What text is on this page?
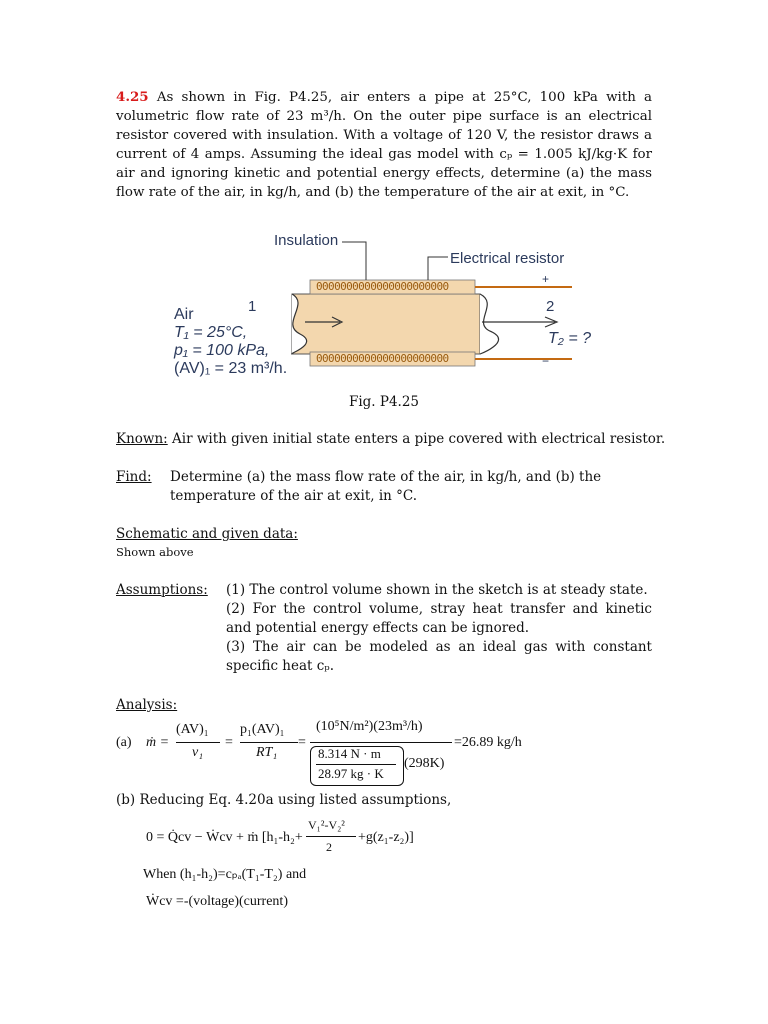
4.25 As shown in Fig. P4.25, air enters a pipe at 25°C, 100 kPa with a volumetric flow rate of 23 m³/h. On the outer pipe surface is an electrical resistor covered with insulation. With a voltage of 120 V, the resistor draws a current of 4 amps. Assuming the ideal gas model with cₚ = 1.005 kJ/kg·K for air and ignoring kinetic and potential energy effects, determine (a) the mass flow rate of the air, in kg/h, and (b) the temperature of the air at exit, in °C.
0000000000000000000000
0000000000000000000000
Insulation
Electrical resistor
+
−
1	2
Air
T₁ = 25°C,
p₁ = 100 kPa,
(AV)₁ = 23 m³/h.
T₂ = ?
Fig. P4.25
Known: Air with given initial state enters a pipe covered with electrical resistor.
Find: Determine (a) the mass flow rate of the air, in kg/h, and (b) the temperature of the air at exit, in °C.
Schematic and given data:
Shown above
Assumptions: (1) The control volume shown in the sketch is at steady state.
(2) For the control volume, stray heat transfer and kinetic and potential energy effects can be ignored.
(3) The air can be modeled as an ideal gas with constant specific heat cₚ.
Analysis:
(a) ṁ =
(AV)₁
v₁
=
p₁(AV)₁
RT₁
=
(10⁵N/m²)(23m³/h)
8.314 N · m
28.97 kg · K
(298K)
=26.89 kg/h
(b) Reducing Eq. 4.20a using listed assumptions,
0 = Q̇cv − Ẇcv + ṁ [h₁-h₂+
V₁²-V₂²
2
+g(z₁-z₂)]
When (h₁-h₂)=cₚₐ(T₁-T₂) and
Ẇcv =-(voltage)(current)
